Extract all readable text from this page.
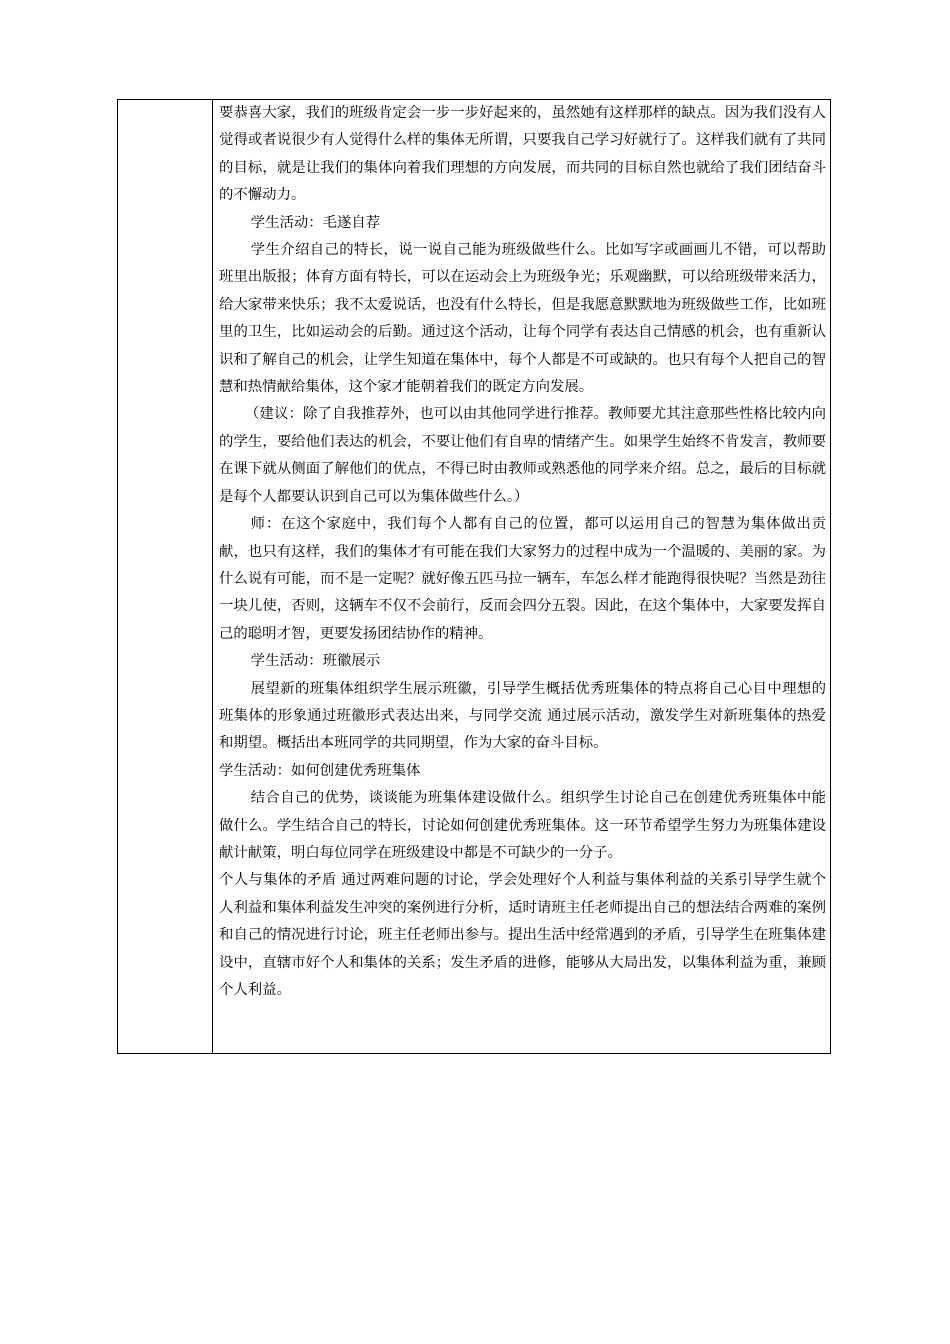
要恭喜大家，我们的班级肯定会一步一步好起来的，虽然她有这样那样的缺点。因为我们没有人觉得或者说很少有人觉得什么样的集体无所谓，只要我自己学习好就行了。这样我们就有了共同的目标，就是让我们的集体向着我们理想的方向发展，而共同的目标自然也就给了我们团结奋斗的不懈动力。

学生活动：毛遂自荐

学生介绍自己的特长，说一说自己能为班级做些什么。比如写字或画画儿不错，可以帮助班里出版报；体育方面有特长，可以在运动会上为班级争光；乐观幽默，可以给班级带来活力，给大家带来快乐；我不太爱说话，也没有什么特长，但是我愿意默默地为班级做些工作，比如班里的卫生，比如运动会的后勤。通过这个活动，让每个同学有表达自己情感的机会，也有重新认识和了解自己的机会，让学生知道在集体中，每个人都是不可或缺的。也只有每个人把自己的智慧和热情献给集体，这个家才能朝着我们的既定方向发展。

（建议：除了自我推荐外，也可以由其他同学进行推荐。教师要尤其注意那些性格比较内向的学生，要给他们表达的机会，不要让他们有自卑的情绪产生。如果学生始终不肯发言，教师要在课下就从侧面了解他们的优点，不得已时由教师或熟悉他的同学来介绍。总之，最后的目标就是每个人都要认识到自己可以为集体做些什么。）

师：在这个家庭中，我们每个人都有自己的位置，都可以运用自己的智慧为集体做出贡献，也只有这样，我们的集体才有可能在我们大家努力的过程中成为一个温暖的、美丽的家。为什么说有可能，而不是一定呢？就好像五匹马拉一辆车，车怎么样才能跑得很快呢？当然是劲往一块儿使，否则，这辆车不仅不会前行，反而会四分五裂。因此，在这个集体中，大家要发挥自己的聪明才智，更要发扬团结协作的精神。

学生活动：班徽展示

展望新的班集体组织学生展示班徽，引导学生概括优秀班集体的特点将自己心目中理想的班集体的形象通过班徽形式表达出来，与同学交流 通过展示活动，激发学生对新班集体的热爱和期望。概括出本班同学的共同期望，作为大家的奋斗目标。

学生活动：如何创建优秀班集体

结合自己的优势，谈谈能为班集体建设做什么。组织学生讨论自己在创建优秀班集体中能做什么。学生结合自己的特长，讨论如何创建优秀班集体。这一环节希望学生努力为班集体建设献计献策，明白每位同学在班级建设中都是不可缺少的一分子。

个人与集体的矛盾 通过两难问题的讨论，学会处理好个人利益与集体利益的关系引导学生就个人利益和集体利益发生冲突的案例进行分析，适时请班主任老师提出自己的想法结合两难的案例和自己的情况进行讨论，班主任老师出参与。提出生活中经常遇到的矛盾，引导学生在班集体建设中，直辖市好个人和集体的关系；发生矛盾的进修，能够从大局出发，以集体利益为重，兼顾个人利益。
